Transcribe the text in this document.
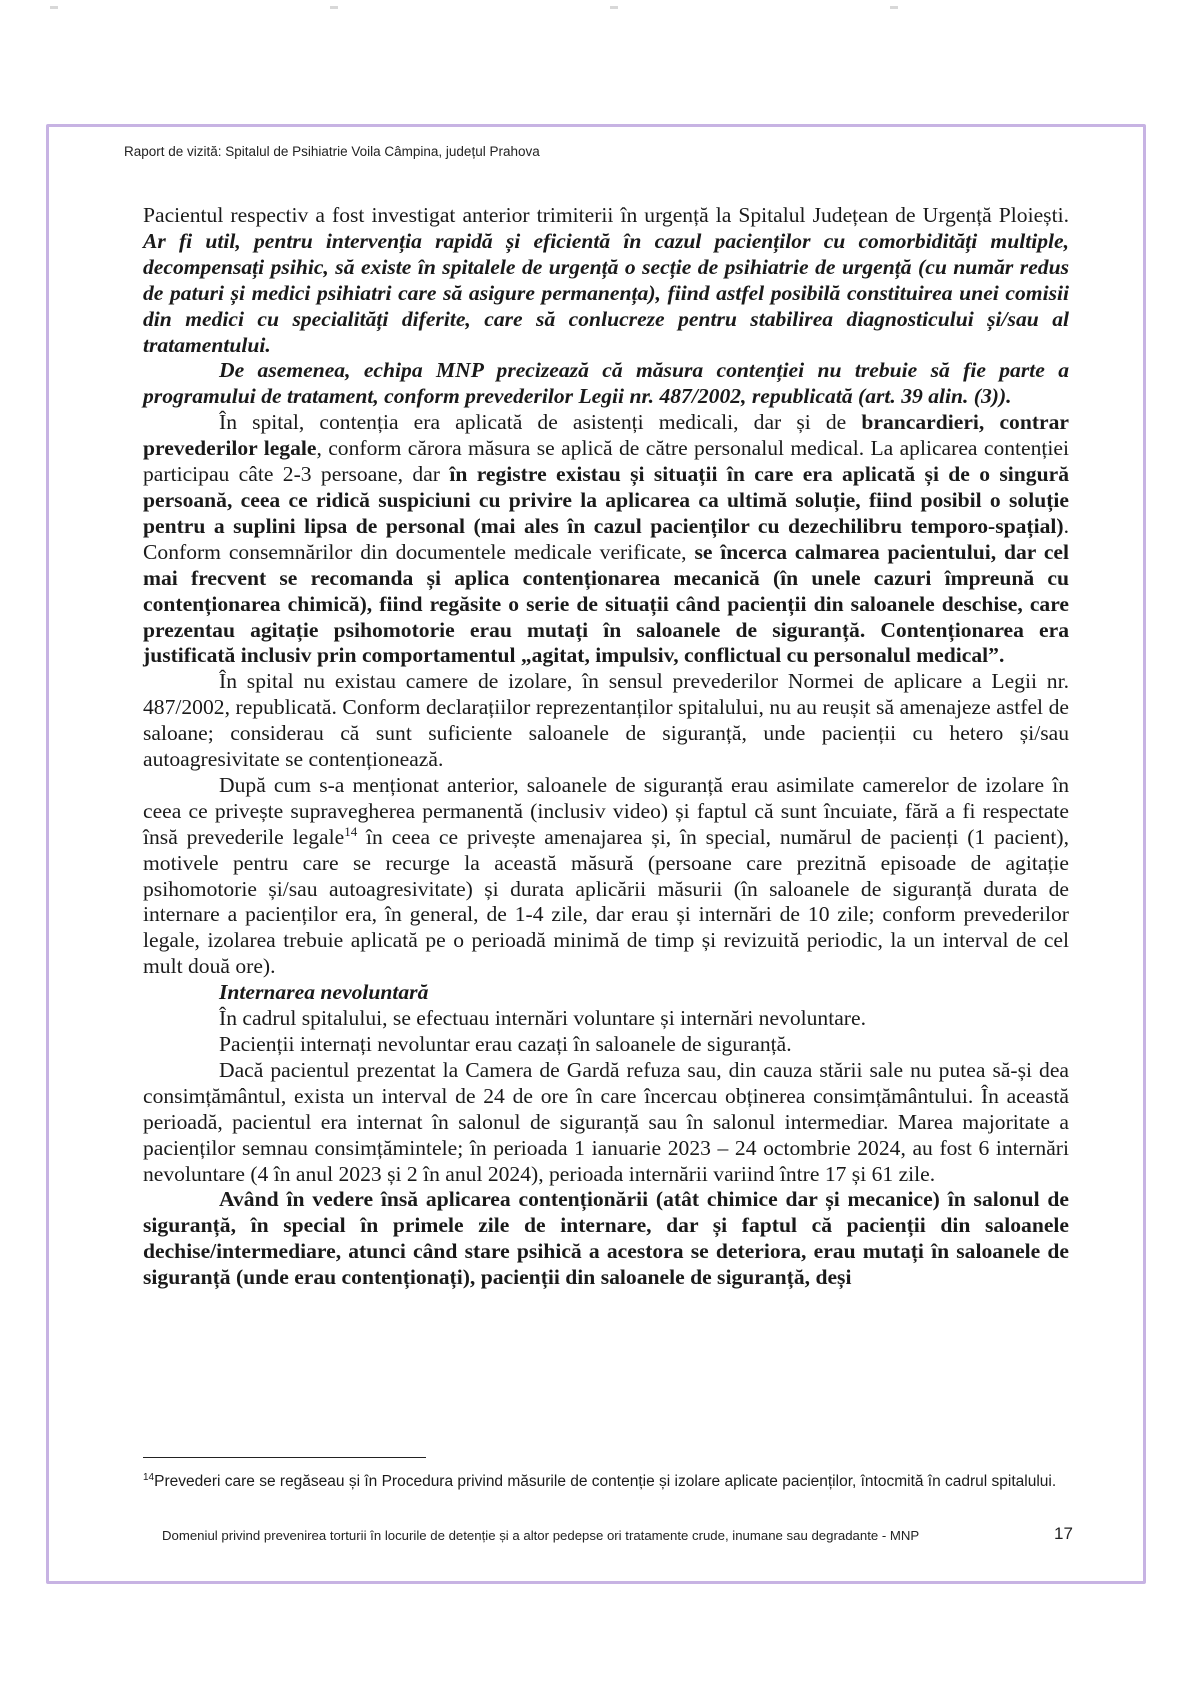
Raport de vizită: Spitalul de Psihiatrie Voila Câmpina, județul Prahova

Pacientul respectiv a fost investigat anterior trimiterii în urgență la Spitalul Județean de Urgență Ploiești. Ar fi util, pentru intervenția rapidă și eficientă în cazul pacienților cu comorbidități multiple, decompensați psihic, să existe în spitalele de urgență o secție de psihiatrie de urgență (cu număr redus de paturi și medici psihiatri care să asigure permanența), fiind astfel posibilă constituirea unei comisii din medici cu specialități diferite, care să conlucreze pentru stabilirea diagnosticului și/sau al tratamentului.

De asemenea, echipa MNP precizează că măsura contenției nu trebuie să fie parte a programului de tratament, conform prevederilor Legii nr. 487/2002, republicată (art. 39 alin. (3)).

În spital, contenția era aplicată de asistenți medicali, dar și de brancardieri, contrar prevederilor legale, conform cărora măsura se aplică de către personalul medical. La aplicarea contenției participau câte 2-3 persoane, dar în registre existau și situații în care era aplicată și de o singură persoană, ceea ce ridică suspiciuni cu privire la aplicarea ca ultimă soluție, fiind posibil o soluție pentru a suplini lipsa de personal (mai ales în cazul pacienților cu dezechilibru temporo-spațial). Conform consemnărilor din documentele medicale verificate, se încerca calmarea pacientului, dar cel mai frecvent se recomanda și aplica contenționarea mecanică (în unele cazuri împreună cu contenționarea chimică), fiind regăsite o serie de situații când pacienții din saloanele deschise, care prezentau agitație psihomotorie erau mutați în saloanele de siguranță. Contenționarea era justificată inclusiv prin comportamentul „agitat, impulsiv, conflictual cu personalul medical”.

În spital nu existau camere de izolare, în sensul prevederilor Normei de aplicare a Legii nr. 487/2002, republicată. Conform declarațiilor reprezentanților spitalului, nu au reușit să amenajeze astfel de saloane; considerau că sunt suficiente saloanele de siguranță, unde pacienții cu hetero și/sau autoagresivitate se contenționează.

După cum s-a menționat anterior, saloanele de siguranță erau asimilate camerelor de izolare în ceea ce privește supravegherea permanentă (inclusiv video) și faptul că sunt încuiate, fără a fi respectate însă prevederile legale$^{14}$ în ceea ce privește amenajarea și, în special, numărul de pacienți (1 pacient), motivele pentru care se recurge la această măsură (persoane care prezitnă episoade de agitație psihomotorie și/sau autoagresivitate) și durata aplicării măsurii (în saloanele de siguranță durata de internare a pacienților era, în general, de 1-4 zile, dar erau și internări de 10 zile; conform prevederilor legale, izolarea trebuie aplicată pe o perioadă minimă de timp și revizuită periodic, la un interval de cel mult două ore).

Internarea nevoluntară

În cadrul spitalului, se efectuau internări voluntare și internări nevoluntare.

Pacienții internați nevoluntar erau cazați în saloanele de siguranță.

Dacă pacientul prezentat la Camera de Gardă refuza sau, din cauza stării sale nu putea să-și dea consimțământul, exista un interval de 24 de ore în care încercau obținerea consimțământului. În această perioadă, pacientul era internat în salonul de siguranță sau în salonul intermediar. Marea majoritate a pacienților semnau consimțămintele; în perioada 1 ianuarie 2023 – 24 octombrie 2024, au fost 6 internări nevoluntare (4 în anul 2023 și 2 în anul 2024), perioada internării variind între 17 și 61 zile.

Având în vedere însă aplicarea contenționării (atât chimice dar și mecanice) în salonul de siguranță, în special în primele zile de internare, dar și faptul că pacienții din saloanele dechise/intermediare, atunci când stare psihică a acestora se deteriora, erau mutați în saloanele de siguranță (unde erau contenționați), pacienții din saloanele de siguranță, deși

$^{14}$Prevederi care se regăseau și în Procedura privind măsurile de contenție și izolare aplicate pacienților, întocmită în cadrul spitalului.
Domeniul privind prevenirea torturii în locurile de detenție și a altor pedepse ori tratamente crude, inumane sau degradante - MNP	17
